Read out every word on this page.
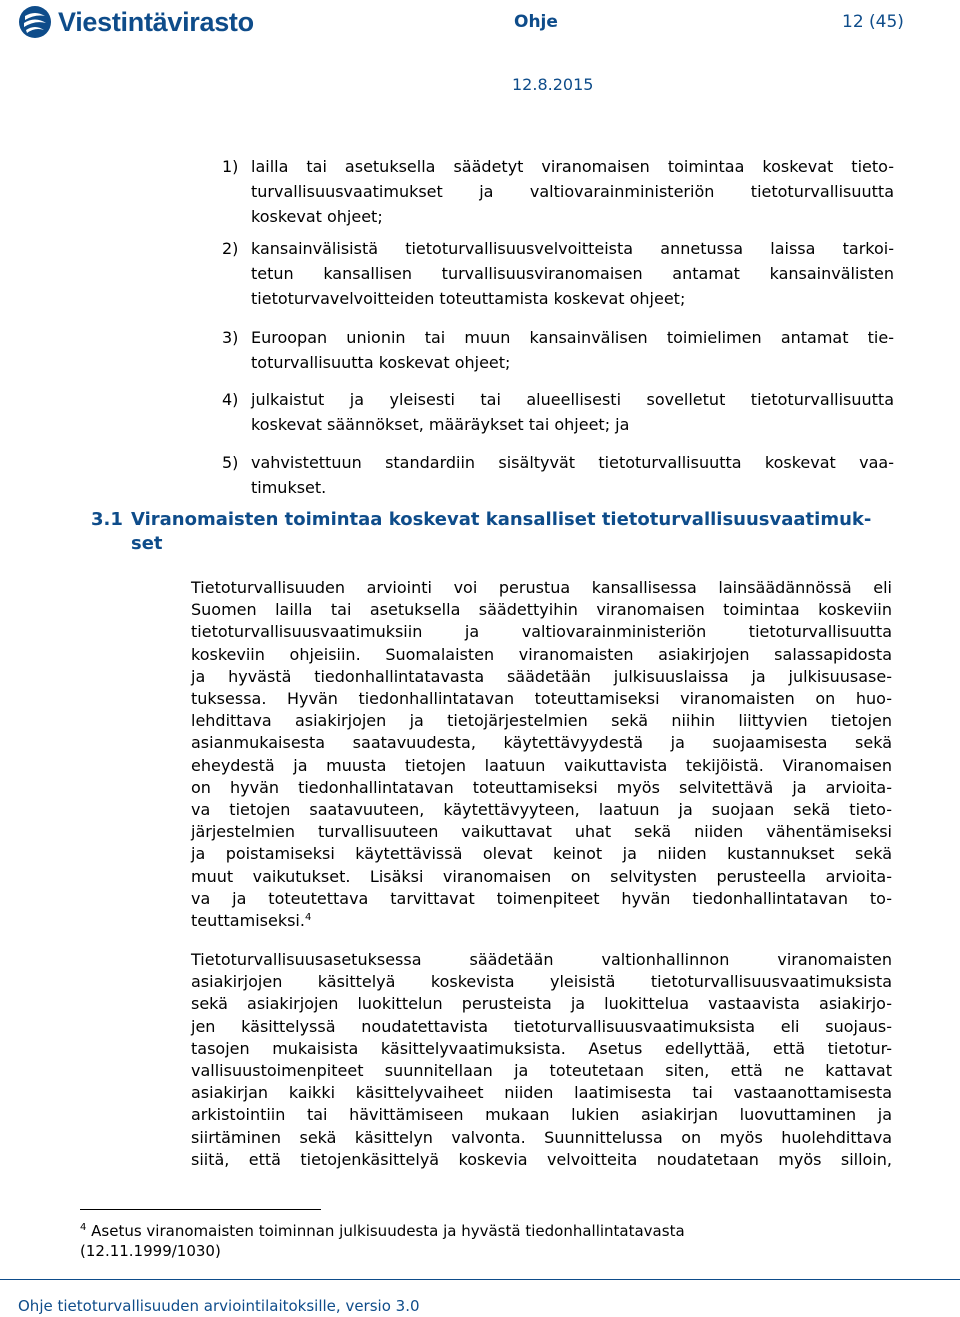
Viestintävirasto	Ohje	12 (45)
12.8.2015
1) lailla tai asetuksella säädetyt viranomaisen toimintaa koskevat tieto-
turvallisuusvaatimukset ja valtiovarainministeriön tietoturvallisuutta
koskevat ohjeet;
2) kansainvälisistä tietoturvallisuusvelvoitteista annetussa laissa tarkoi-
tetun kansallisen turvallisuusviranomaisen antamat kansainvälisten
tietoturvavelvoitteiden toteuttamista koskevat ohjeet;
3) Euroopan unionin tai muun kansainvälisen toimielimen antamat tie-
toturvallisuutta koskevat ohjeet;
4) julkaistut ja yleisesti tai alueellisesti sovelletut tietoturvallisuutta
koskevat säännökset, määräykset tai ohjeet; ja
5) vahvistettuun standardiin sisältyvät tietoturvallisuutta koskevat vaa-
timukset.
3.1 Viranomaisten toimintaa koskevat kansalliset tietoturvallisuusvaatimuk-
set
Tietoturvallisuuden arviointi voi perustua kansallisessa lainsäädännössä eli
Suomen lailla tai asetuksella säädettyihin viranomaisen toimintaa koskeviin
tietoturvallisuusvaatimuksiin ja valtiovarainministeriön tietoturvallisuutta
koskeviin ohjeisiin. Suomalaisten viranomaisten asiakirjojen salassapidosta
ja hyvästä tiedonhallintatavasta säädetään julkisuuslaissa ja julkisuusase-
tuksessa. Hyvän tiedonhallintatavan toteuttamiseksi viranomaisten on huo-
lehdittava asiakirjojen ja tietojärjestelmien sekä niihin liittyvien tietojen
asianmukaisesta saatavuudesta, käytettävyydestä ja suojaamisesta sekä
eheydestä ja muusta tietojen laatuun vaikuttavista tekijöistä. Viranomaisen
on hyvän tiedonhallintatavan toteuttamiseksi myös selvitettävä ja arvioita-
va tietojen saatavuuteen, käytettävyyteen, laatuun ja suojaan sekä tieto-
järjestelmien turvallisuuteen vaikuttavat uhat sekä niiden vähentämiseksi
ja poistamiseksi käytettävissä olevat keinot ja niiden kustannukset sekä
muut vaikutukset. Lisäksi viranomaisen on selvitysten perusteella arvioita-
va ja toteutettava tarvittavat toimenpiteet hyvän tiedonhallintatavan to-
teuttamiseksi.$^4$
Tietoturvallisuusasetuksessa säädetään valtionhallinnon viranomaisten
asiakirjojen käsittelyä koskevista yleisistä tietoturvallisuusvaatimuksista
sekä asiakirjojen luokittelun perusteista ja luokittelua vastaavista asiakirjo-
jen käsittelyssä noudatettavista tietoturvallisuusvaatimuksista eli suojaus-
tasojen mukaisista käsittelyvaatimuksista. Asetus edellyttää, että tietotur-
vallisuustoimenpiteet suunnitellaan ja toteutetaan siten, että ne kattavat
asiakirjan kaikki käsittelyvaiheet niiden laatimisesta tai vastaanottamisesta
arkistointiin tai hävittämiseen mukaan lukien asiakirjan luovuttaminen ja
siirtäminen sekä käsittelyn valvonta. Suunnittelussa on myös huolehdittava
siitä, että tietojenkäsittelyä koskevia velvoitteita noudatetaan myös silloin,
$^4$ Asetus viranomaisten toiminnan julkisuudesta ja hyvästä tiedonhallintatavasta
(12.11.1999/1030)
Ohje tietoturvallisuuden arviointilaitoksille, versio 3.0
